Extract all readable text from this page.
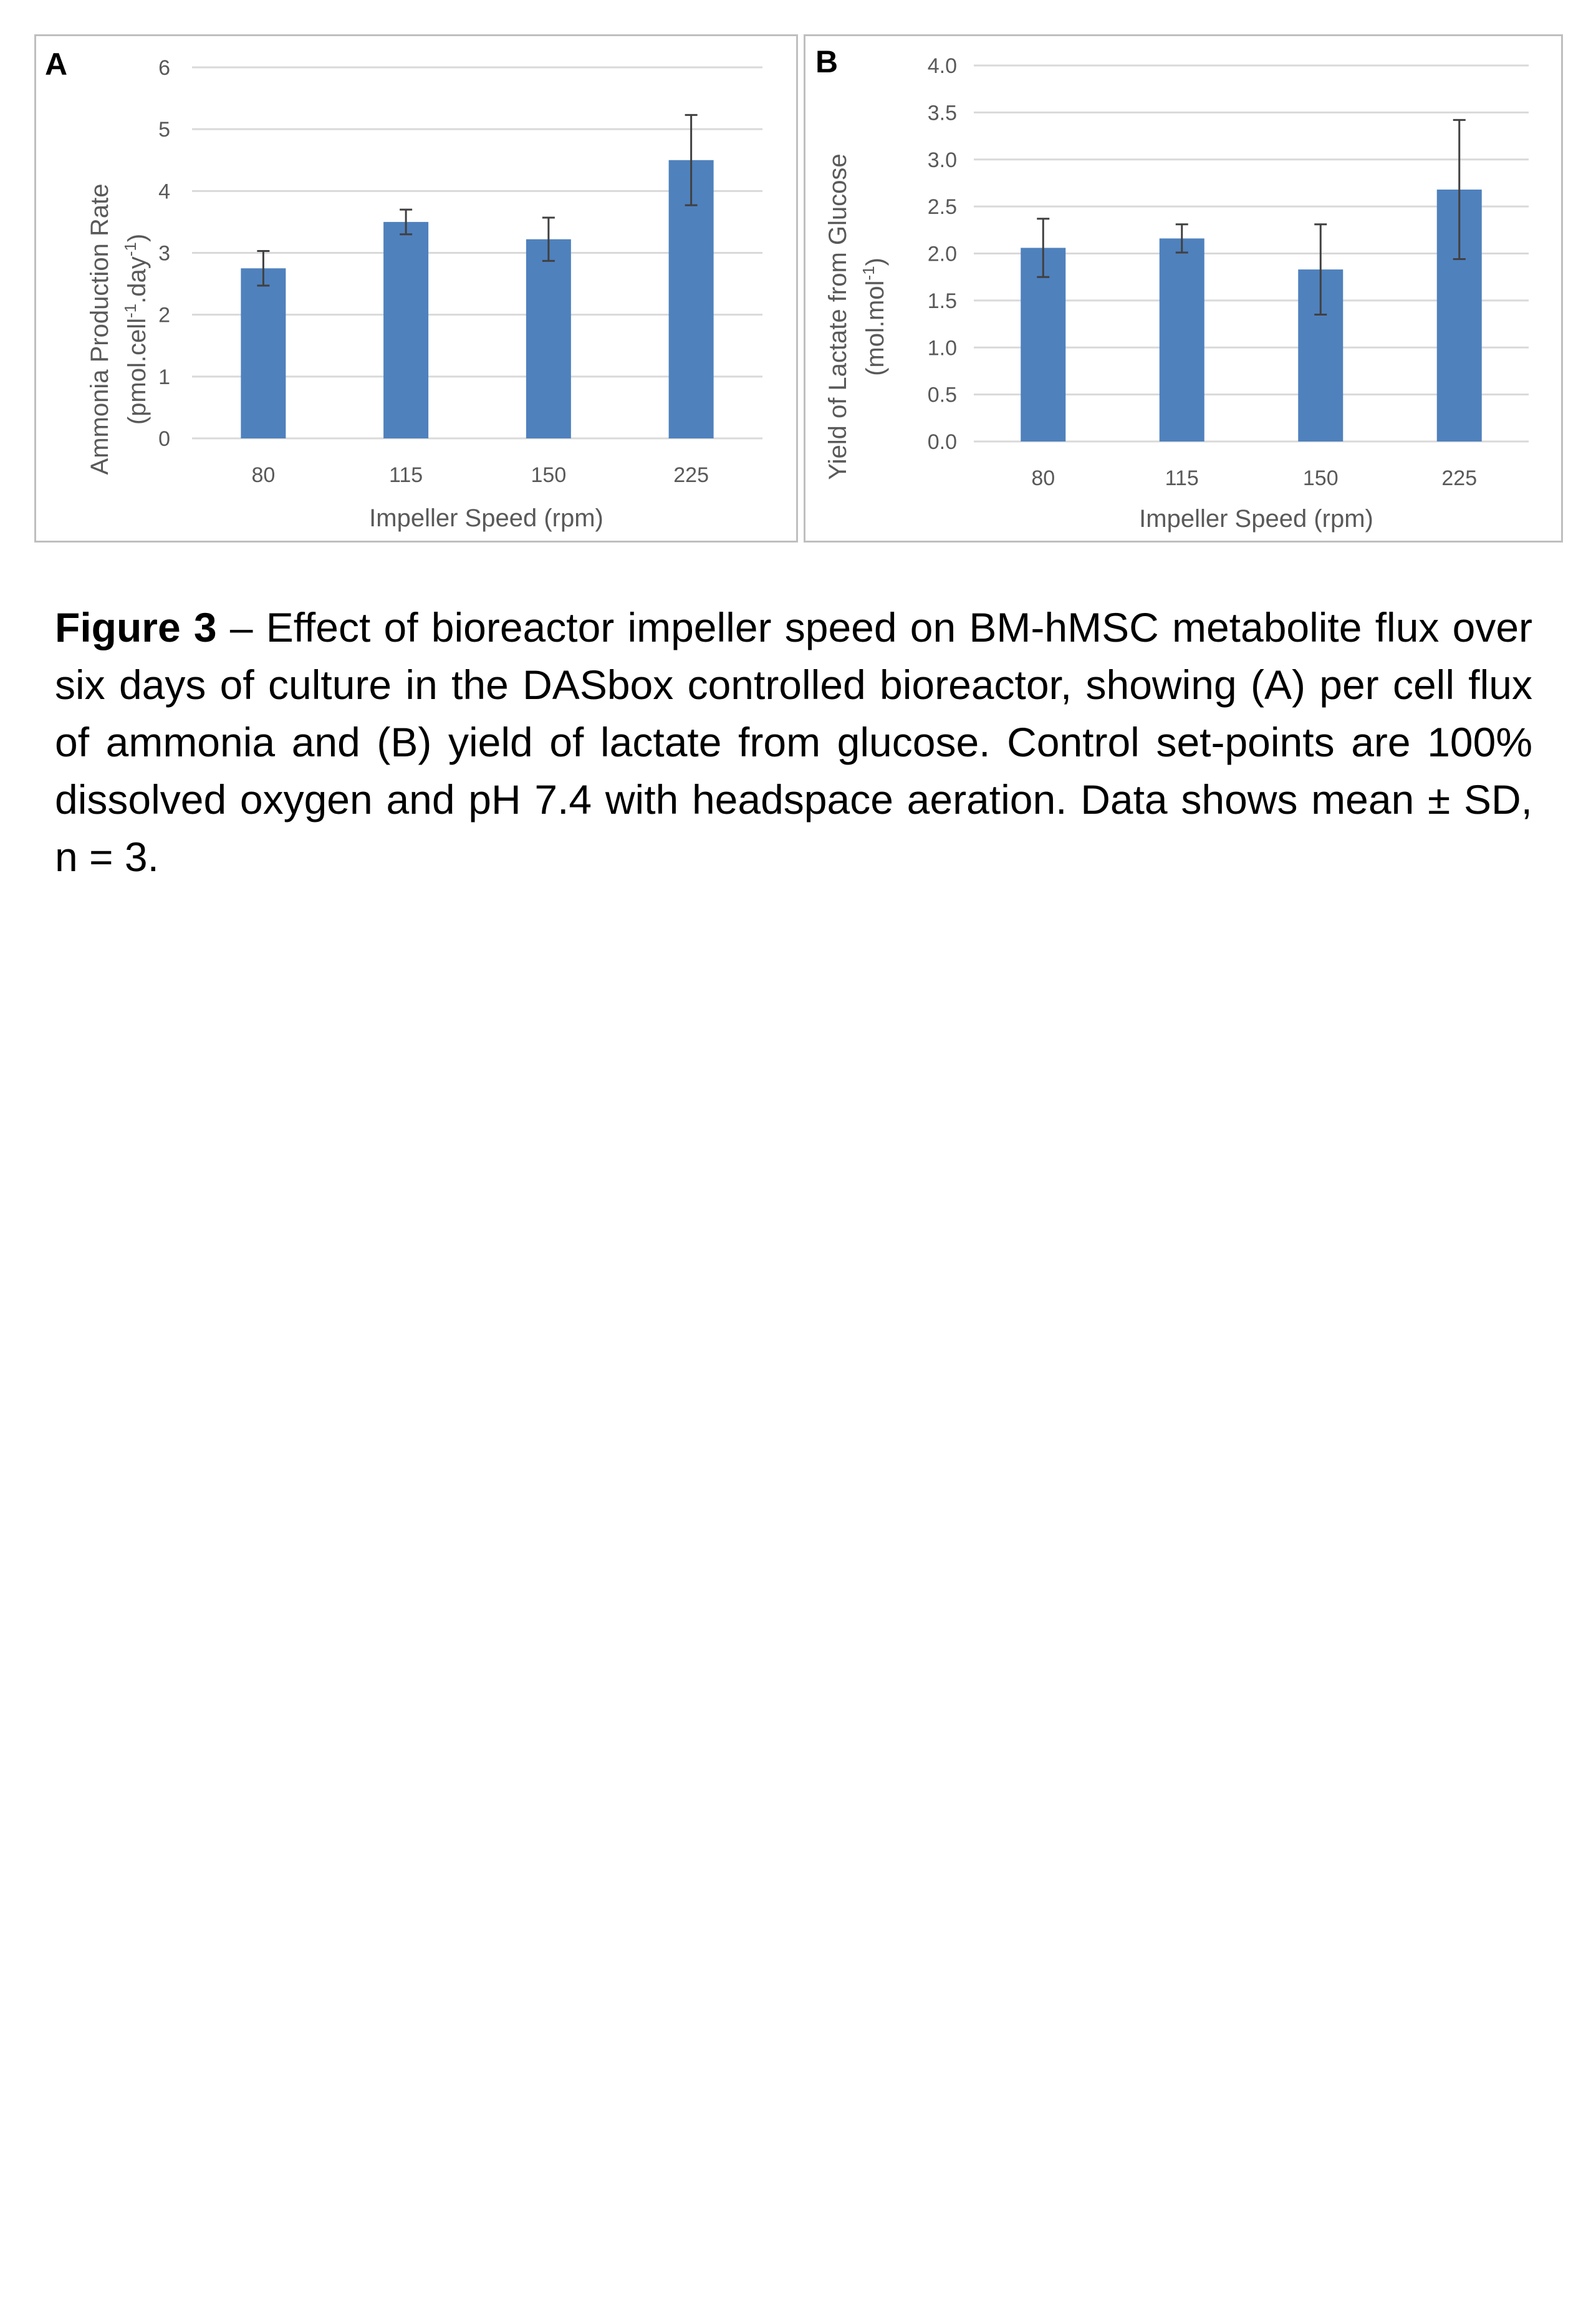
A
0
1
2
3
4
5
6
80	115	150	225
Impeller Speed (rpm)
Ammonia Production Rate (pmol.cell$^{-1}$.day$^{-1}$)
B
0.0
0.5
1.0
1.5
2.0
2.5
3.0
3.5
4.0
80	115	150	225
Impeller Speed (rpm)
Yield of Lactate from Glucose (mol.mol$^{-1}$)
Figure 3 – Effect of bioreactor impeller speed on BM-hMSC metabolite flux over six days of culture in the DASbox controlled bioreactor, showing (A) per cell flux of ammonia and (B) yield of lactate from glucose. Control set-points are 100% dissolved oxygen and pH 7.4 with headspace aeration. Data shows mean ± SD, n = 3.
